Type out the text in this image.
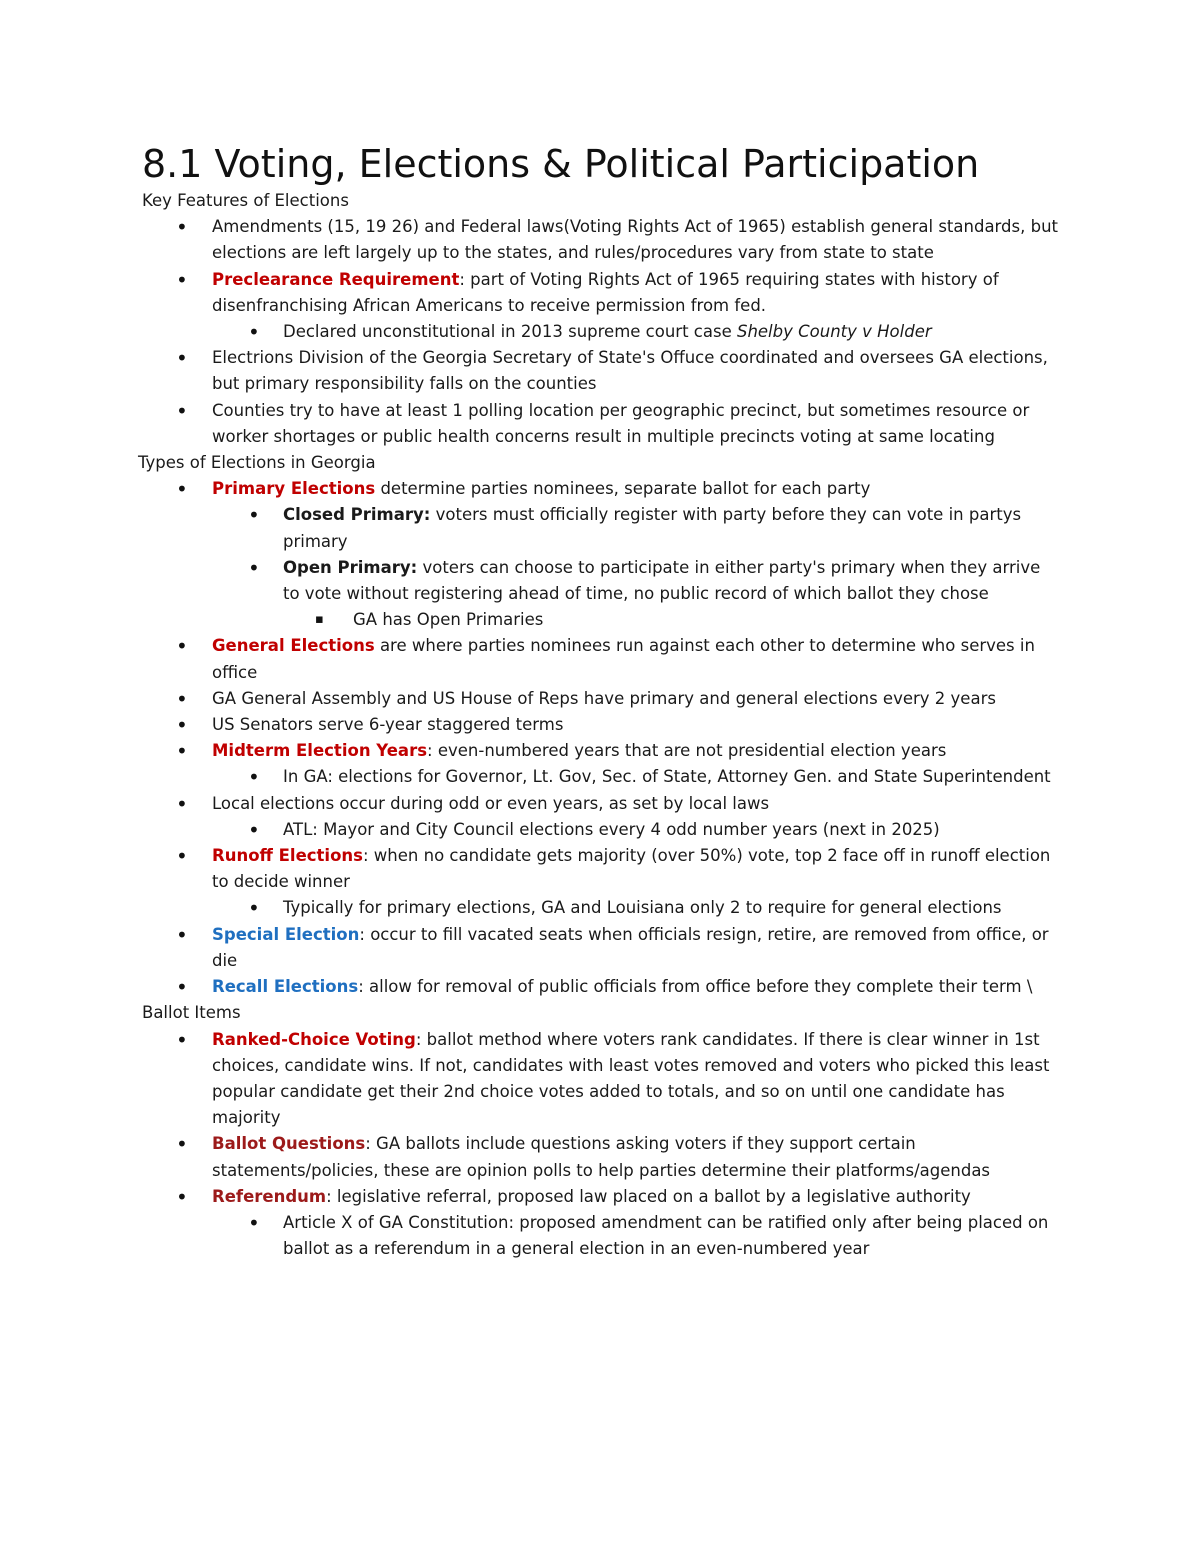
8.1 Voting, Elections & Political Participation

Key Features of Elections

• Amendments (15, 19 26) and Federal laws(Voting Rights Act of 1965) establish general standards, but elections are left largely up to the states, and rules/procedures vary from state to state
• Preclearance Requirement: part of Voting Rights Act of 1965 requiring states with history of disenfranchising African Americans to receive permission from fed.
• Declared unconstitutional in 2013 supreme court case Shelby County v Holder
• Electrions Division of the Georgia Secretary of State's Offuce coordinated and oversees GA elections, but primary responsibility falls on the counties
• Counties try to have at least 1 polling location per geographic precinct, but sometimes resource or worker shortages or public health concerns result in multiple precincts voting at same locating

Types of Elections in Georgia

• Primary Elections determine parties nominees, separate ballot for each party
• Closed Primary: voters must officially register with party before they can vote in partys primary
• Open Primary: voters can choose to participate in either party's primary when they arrive to vote without registering ahead of time, no public record of which ballot they chose
▪ GA has Open Primaries
• General Elections are where parties nominees run against each other to determine who serves in office
• GA General Assembly and US House of Reps have primary and general elections every 2 years
• US Senators serve 6-year staggered terms
• Midterm Election Years: even-numbered years that are not presidential election years
• In GA: elections for Governor, Lt. Gov, Sec. of State, Attorney Gen. and State Superintendent
• Local elections occur during odd or even years, as set by local laws
• ATL: Mayor and City Council elections every 4 odd number years (next in 2025)
• Runoff Elections: when no candidate gets majority (over 50%) vote, top 2 face off in runoff election to decide winner
• Typically for primary elections, GA and Louisiana only 2 to require for general elections
• Special Election: occur to fill vacated seats when officials resign, retire, are removed from office, or die
• Recall Elections: allow for removal of public officials from office before they complete their term \

Ballot Items

• Ranked-Choice Voting: ballot method where voters rank candidates. If there is clear winner in 1st choices, candidate wins. If not, candidates with least votes removed and voters who picked this least popular candidate get their 2nd choice votes added to totals, and so on until one candidate has majority
• Ballot Questions: GA ballots include questions asking voters if they support certain statements/policies, these are opinion polls to help parties determine their platforms/agendas
• Referendum: legislative referral, proposed law placed on a ballot by a legislative authority
• Article X of GA Constitution: proposed amendment can be ratified only after being placed on ballot as a referendum in a general election in an even-numbered year
